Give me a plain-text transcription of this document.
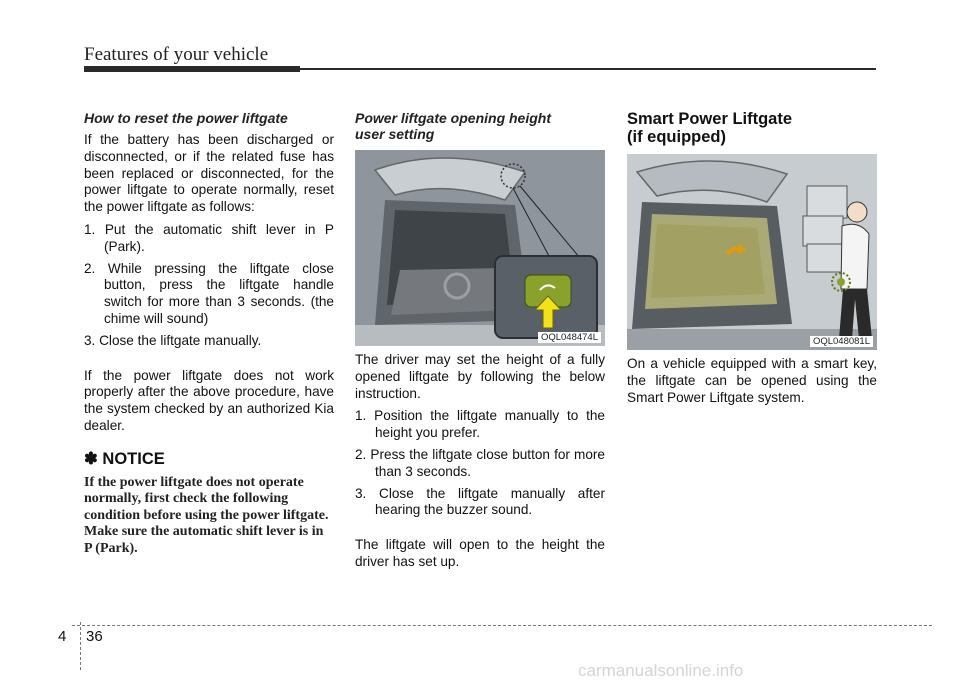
Features of your vehicle
How to reset the power liftgate

If the battery has been discharged or disconnected, or if the related fuse has been replaced or disconnected, for the power liftgate to operate normally, reset the power liftgate as follows:

1. Put the automatic shift lever in P (Park).
2. While pressing the liftgate close button, press the liftgate handle switch for more than 3 seconds. (the chime will sound)
3. Close the liftgate manually.

If the power liftgate does not work properly after the above procedure, have the system checked by an authorized Kia dealer.

✽ NOTICE

If the power liftgate does not operate normally, first check the following condition before using the power liftgate.

Make sure the automatic shift lever is in P (Park).

Power liftgate opening height
user setting
OQL048474L

The driver may set the height of a fully opened liftgate by following the below instruction.

1. Position the liftgate manually to the height you prefer.
2. Press the liftgate close button for more than 3 seconds.
3. Close the liftgate manually after hearing the buzzer sound.

The liftgate will open to the height the driver has set up.

Smart Power Liftgate
(if equipped)
OQL048081L

On a vehicle equipped with a smart key, the liftgate can be opened using the Smart Power Liftgate system.

4 36
carmanualsonline.info
